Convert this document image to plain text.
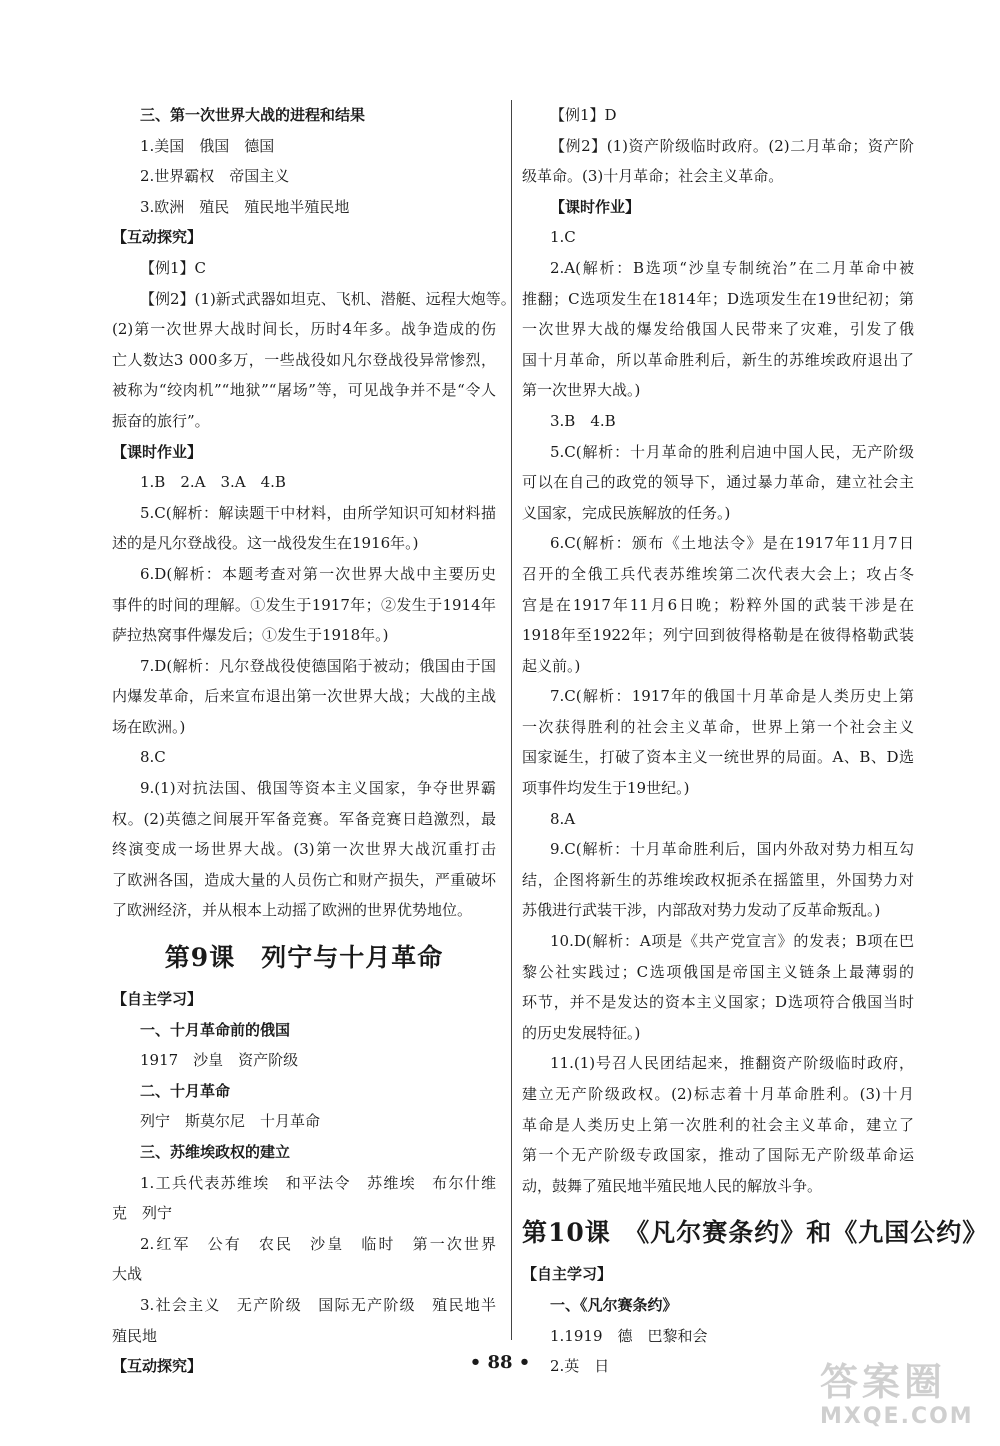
三、第一次世界大战的进程和结果
1.美国　俄国　德国
2.世界霸权　帝国主义
3.欧洲　殖民　殖民地半殖民地
【互动探究】
【例1】C
【例2】(1)新式武器如坦克、飞机、潜艇、远程大炮等。
(2)第一次世界大战时间长，历时4年多。战争造成的伤
亡人数达3 000多万，一些战役如凡尔登战役异常惨烈，
被称为“绞肉机”“地狱”“屠场”等，可见战争并不是“令人
振奋的旅行”。
【课时作业】
1.B　2.A　3.A　4.B
5.C(解析：解读题干中材料，由所学知识可知材料描
述的是凡尔登战役。这一战役发生在1916年。)
6.D(解析：本题考查对第一次世界大战中主要历史
事件的时间的理解。①发生于1917年；②发生于1914年
萨拉热窝事件爆发后；①发生于1918年。)
7.D(解析：凡尔登战役使德国陷于被动；俄国由于国
内爆发革命，后来宣布退出第一次世界大战；大战的主战
场在欧洲。)
8.C
9.(1)对抗法国、俄国等资本主义国家，争夺世界霸
权。(2)英德之间展开军备竞赛。军备竞赛日趋激烈，最
终演变成一场世界大战。(3)第一次世界大战沉重打击
了欧洲各国，造成大量的人员伤亡和财产损失，严重破坏
了欧洲经济，并从根本上动摇了欧洲的世界优势地位。
第9课　列宁与十月革命
【自主学习】
一、十月革命前的俄国
1917　沙皇　资产阶级
二、十月革命
列宁　斯莫尔尼　十月革命
三、苏维埃政权的建立
1.工兵代表苏维埃　和平法令　苏维埃　布尔什维
克　列宁
2.红军　公有　农民　沙皇　临时　第一次世界
大战
3.社会主义　无产阶级　国际无产阶级　殖民地半
殖民地
【互动探究】
【例1】D
【例2】(1)资产阶级临时政府。(2)二月革命；资产阶
级革命。(3)十月革命；社会主义革命。
【课时作业】
1.C
2.A(解析：B选项“沙皇专制统治”在二月革命中被
推翻；C选项发生在1814年；D选项发生在19世纪初；第
一次世界大战的爆发给俄国人民带来了灾难，引发了俄
国十月革命，所以革命胜利后，新生的苏维埃政府退出了
第一次世界大战。)
3.B　4.B
5.C(解析：十月革命的胜利启迪中国人民，无产阶级
可以在自己的政党的领导下，通过暴力革命，建立社会主
义国家，完成民族解放的任务。)
6.C(解析：颁布《土地法令》是在1917年11月7日
召开的全俄工兵代表苏维埃第二次代表大会上；攻占冬
宫是在1917年11月6日晚；粉粹外国的武装干涉是在
1918年至1922年；列宁回到彼得格勒是在彼得格勒武装
起义前。)
7.C(解析：1917年的俄国十月革命是人类历史上第
一次获得胜利的社会主义革命，世界上第一个社会主义
国家诞生，打破了资本主义一统世界的局面。A、B、D选
项事件均发生于19世纪。)
8.A
9.C(解析：十月革命胜利后，国内外敌对势力相互勾
结，企图将新生的苏维埃政权扼杀在摇篮里，外国势力对
苏俄进行武装干涉，内部敌对势力发动了反革命叛乱。)
10.D(解析：A项是《共产党宣言》的发表；B项在巴
黎公社实践过；C选项俄国是帝国主义链条上最薄弱的
环节，并不是发达的资本主义国家；D选项符合俄国当时
的历史发展特征。)
11.(1)号召人民团结起来，推翻资产阶级临时政府，
建立无产阶级政权。(2)标志着十月革命胜利。(3)十月
革命是人类历史上第一次胜利的社会主义革命，建立了
第一个无产阶级专政国家，推动了国际无产阶级革命运
动，鼓舞了殖民地半殖民地人民的解放斗争。
第10课　《凡尔赛条约》和《九国公约》
【自主学习】
一、《凡尔赛条约》
1.1919　德　巴黎和会
2.英　日
• 88 •	答案圈
MXQE.COM
